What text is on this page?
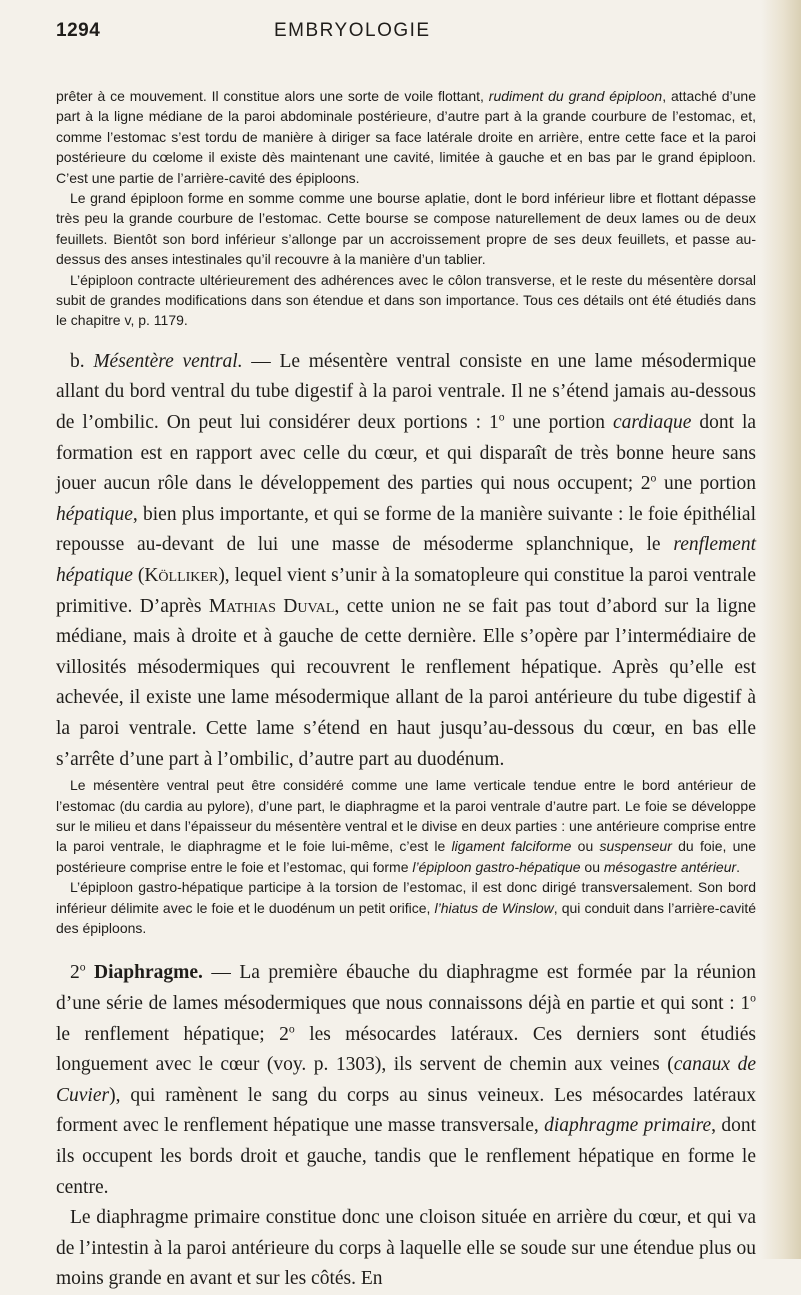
1294	EMBRYOLOGIE

prêter à ce mouvement. Il constitue alors une sorte de voile flottant, rudiment du grand épiploon, attaché d’une part à la ligne médiane de la paroi abdominale postérieure, d’autre part à la grande courbure de l’estomac, et, comme l’estomac s’est tordu de manière à diriger sa face latérale droite en arrière, entre cette face et la paroi postérieure du cœlome il existe dès maintenant une cavité, limitée à gauche et en bas par le grand épiploon. C’est une partie de l’arrière-cavité des épiploons.

Le grand épiploon forme en somme comme une bourse aplatie, dont le bord inférieur libre et flottant dépasse très peu la grande courbure de l’estomac. Cette bourse se compose naturellement de deux lames ou de deux feuillets. Bientôt son bord inférieur s’allonge par un accroissement propre de ses deux feuillets, et passe au-dessus des anses intestinales qu’il recouvre à la manière d’un tablier.

L’épiploon contracte ultérieurement des adhérences avec le côlon transverse, et le reste du mésentère dorsal subit de grandes modifications dans son étendue et dans son importance. Tous ces détails ont été étudiés dans le chapitre v, p. 1179.

b. Mésentère ventral. — Le mésentère ventral consiste en une lame mésodermique allant du bord ventral du tube digestif à la paroi ventrale. Il ne s’étend jamais au-dessous de l’ombilic. On peut lui considérer deux portions : 1$^o$ une portion cardiaque dont la formation est en rapport avec celle du cœur, et qui disparaît de très bonne heure sans jouer aucun rôle dans le développement des parties qui nous occupent; 2$^o$ une portion hépatique, bien plus importante, et qui se forme de la manière suivante : le foie épithélial repousse au-devant de lui une masse de mésoderme splanchnique, le renflement hépatique (Kölliker), lequel vient s’unir à la somatopleure qui constitue la paroi ventrale primitive. D’après Mathias Duval, cette union ne se fait pas tout d’abord sur la ligne médiane, mais à droite et à gauche de cette dernière. Elle s’opère par l’intermédiaire de villosités mésodermiques qui recouvrent le renflement hépatique. Après qu’elle est achevée, il existe une lame mésodermique allant de la paroi antérieure du tube digestif à la paroi ventrale. Cette lame s’étend en haut jusqu’au-dessous du cœur, en bas elle s’arrête d’une part à l’ombilic, d’autre part au duodénum.

Le mésentère ventral peut être considéré comme une lame verticale tendue entre le bord antérieur de l’estomac (du cardia au pylore), d’une part, le diaphragme et la paroi ventrale d’autre part. Le foie se développe sur le milieu et dans l’épaisseur du mésentère ventral et le divise en deux parties : une antérieure comprise entre la paroi ventrale, le diaphragme et le foie lui-même, c’est le ligament falciforme ou suspenseur du foie, une postérieure comprise entre le foie et l’estomac, qui forme l’épiploon gastro-hépatique ou mésogastre antérieur.

L’épiploon gastro-hépatique participe à la torsion de l’estomac, il est donc dirigé transversalement. Son bord inférieur délimite avec le foie et le duodénum un petit orifice, l’hiatus de Winslow, qui conduit dans l’arrière-cavité des épiploons.

2$^o$ Diaphragme. — La première ébauche du diaphragme est formée par la réunion d’une série de lames mésodermiques que nous connaissons déjà en partie et qui sont : 1$^o$ le renflement hépatique; 2$^o$ les mésocardes latéraux. Ces derniers sont étudiés longuement avec le cœur (voy. p. 1303), ils servent de chemin aux veines (canaux de Cuvier), qui ramènent le sang du corps au sinus veineux. Les mésocardes latéraux forment avec le renflement hépatique une masse transversale, diaphragme primaire, dont ils occupent les bords droit et gauche, tandis que le renflement hépatique en forme le centre.

Le diaphragme primaire constitue donc une cloison située en arrière du cœur, et qui va de l’intestin à la paroi antérieure du corps à laquelle elle se soude sur une étendue plus ou moins grande en avant et sur les côtés. En
